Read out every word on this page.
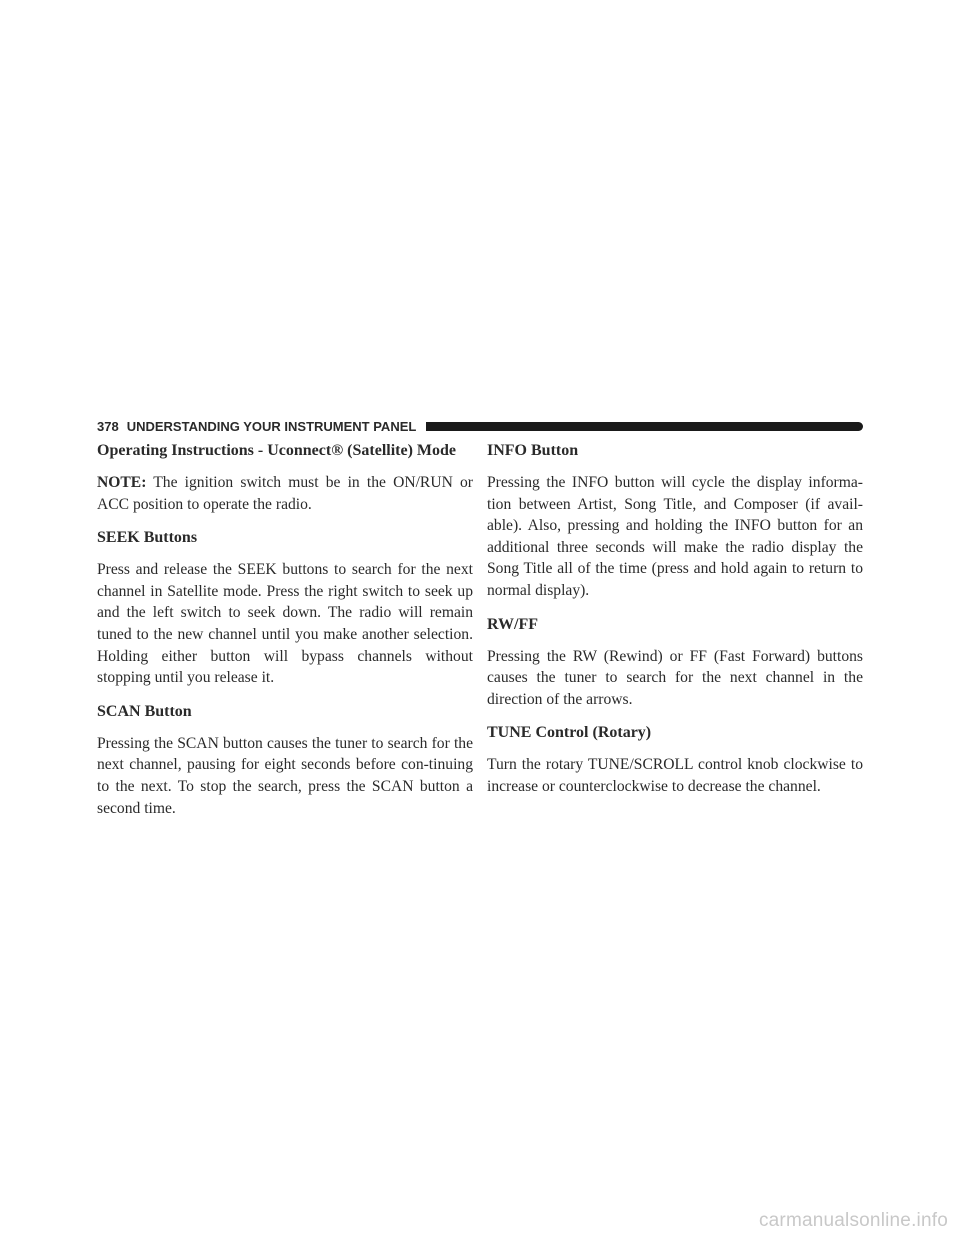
378 UNDERSTANDING YOUR INSTRUMENT PANEL
Operating Instructions - Uconnect® (Satellite) Mode

NOTE: The ignition switch must be in the ON/RUN or ACC position to operate the radio.

SEEK Buttons

Press and release the SEEK buttons to search for the next channel in Satellite mode. Press the right switch to seek up and the left switch to seek down. The radio will remain tuned to the new channel until you make another selection. Holding either button will bypass channels without stopping until you release it.

SCAN Button

Pressing the SCAN button causes the tuner to search for the next channel, pausing for eight seconds before con-tinuing to the next. To stop the search, press the SCAN button a second time.

INFO Button

Pressing the INFO button will cycle the display informa-tion between Artist, Song Title, and Composer (if avail-able). Also, pressing and holding the INFO button for an additional three seconds will make the radio display the Song Title all of the time (press and hold again to return to normal display).

RW/FF

Pressing the RW (Rewind) or FF (Fast Forward) buttons causes the tuner to search for the next channel in the direction of the arrows.

TUNE Control (Rotary)

Turn the rotary TUNE/SCROLL control knob clockwise to increase or counterclockwise to decrease the channel.

carmanualsonline.info
